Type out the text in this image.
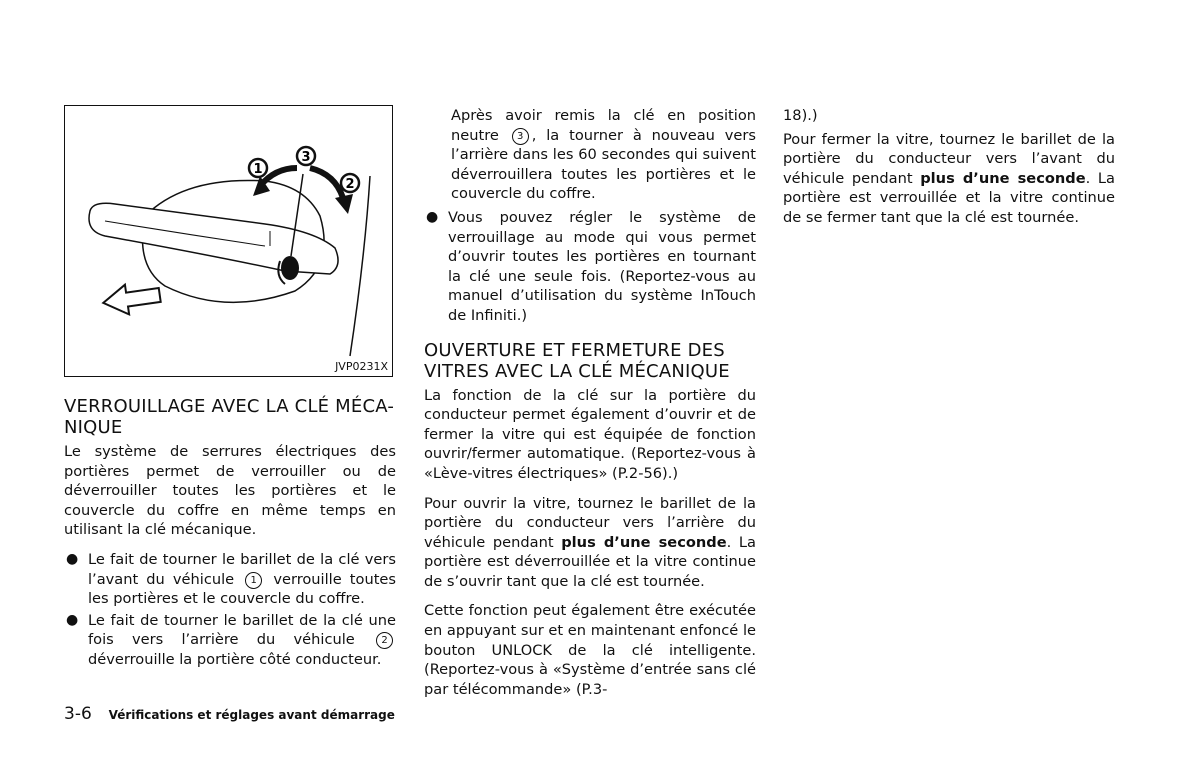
1
3
2
JVP0231X
VERROUILLAGE AVEC LA CLÉ MÉCA-
NIQUE

Le système de serrures électriques des portières permet de verrouiller ou de déverrouiller toutes les portières et le couvercle du coffre en même temps en utilisant la clé mécanique.

● Le fait de tourner le barillet de la clé vers l’avant du véhicule 1 verrouille toutes les portières et le couvercle du coffre.
● Le fait de tourner le barillet de la clé une fois vers l’arrière du véhicule	2 déverrouille la portière côté conducteur.

Après avoir remis la clé en position neutre 3 , la tourner à nouveau vers l’arrière dans les 60 secondes qui suivent déverrouillera toutes les portières et le couvercle du coffre.

● Vous pouvez régler le système de verrouillage au mode qui vous permet d’ouvrir toutes les portières en tournant la clé une seule fois. (Reportez-vous au manuel d’utilisation du système InTouch de Infiniti.)
OUVERTURE ET FERMETURE DES VITRES AVEC LA CLÉ MÉCANIQUE

La fonction de la clé sur la portière du conducteur permet également d’ouvrir et de fermer la vitre qui est équipée de fonction ouvrir/fermer automatique. (Reportez-vous à «Lève-vitres électriques» (P.2-56).)

Pour ouvrir la vitre, tournez le barillet de la portière du conducteur vers l’arrière du véhicule pendant plus d’une seconde. La portière est déverrouillée et la vitre continue de s’ouvrir tant que la clé est tournée.

Cette fonction peut également être exécutée en appuyant sur et en maintenant enfoncé le bouton UNLOCK de la clé intelligente. (Reportez-vous à «Système d’entrée sans clé par télécommande» (P.3-

18).)

Pour fermer la vitre, tournez le barillet de la portière du conducteur vers l’avant du véhicule pendant plus d’une seconde. La portière est verrouillée et la vitre continue de se fermer tant que la clé est tournée.

3-6 Vérifications et réglages avant démarrage
